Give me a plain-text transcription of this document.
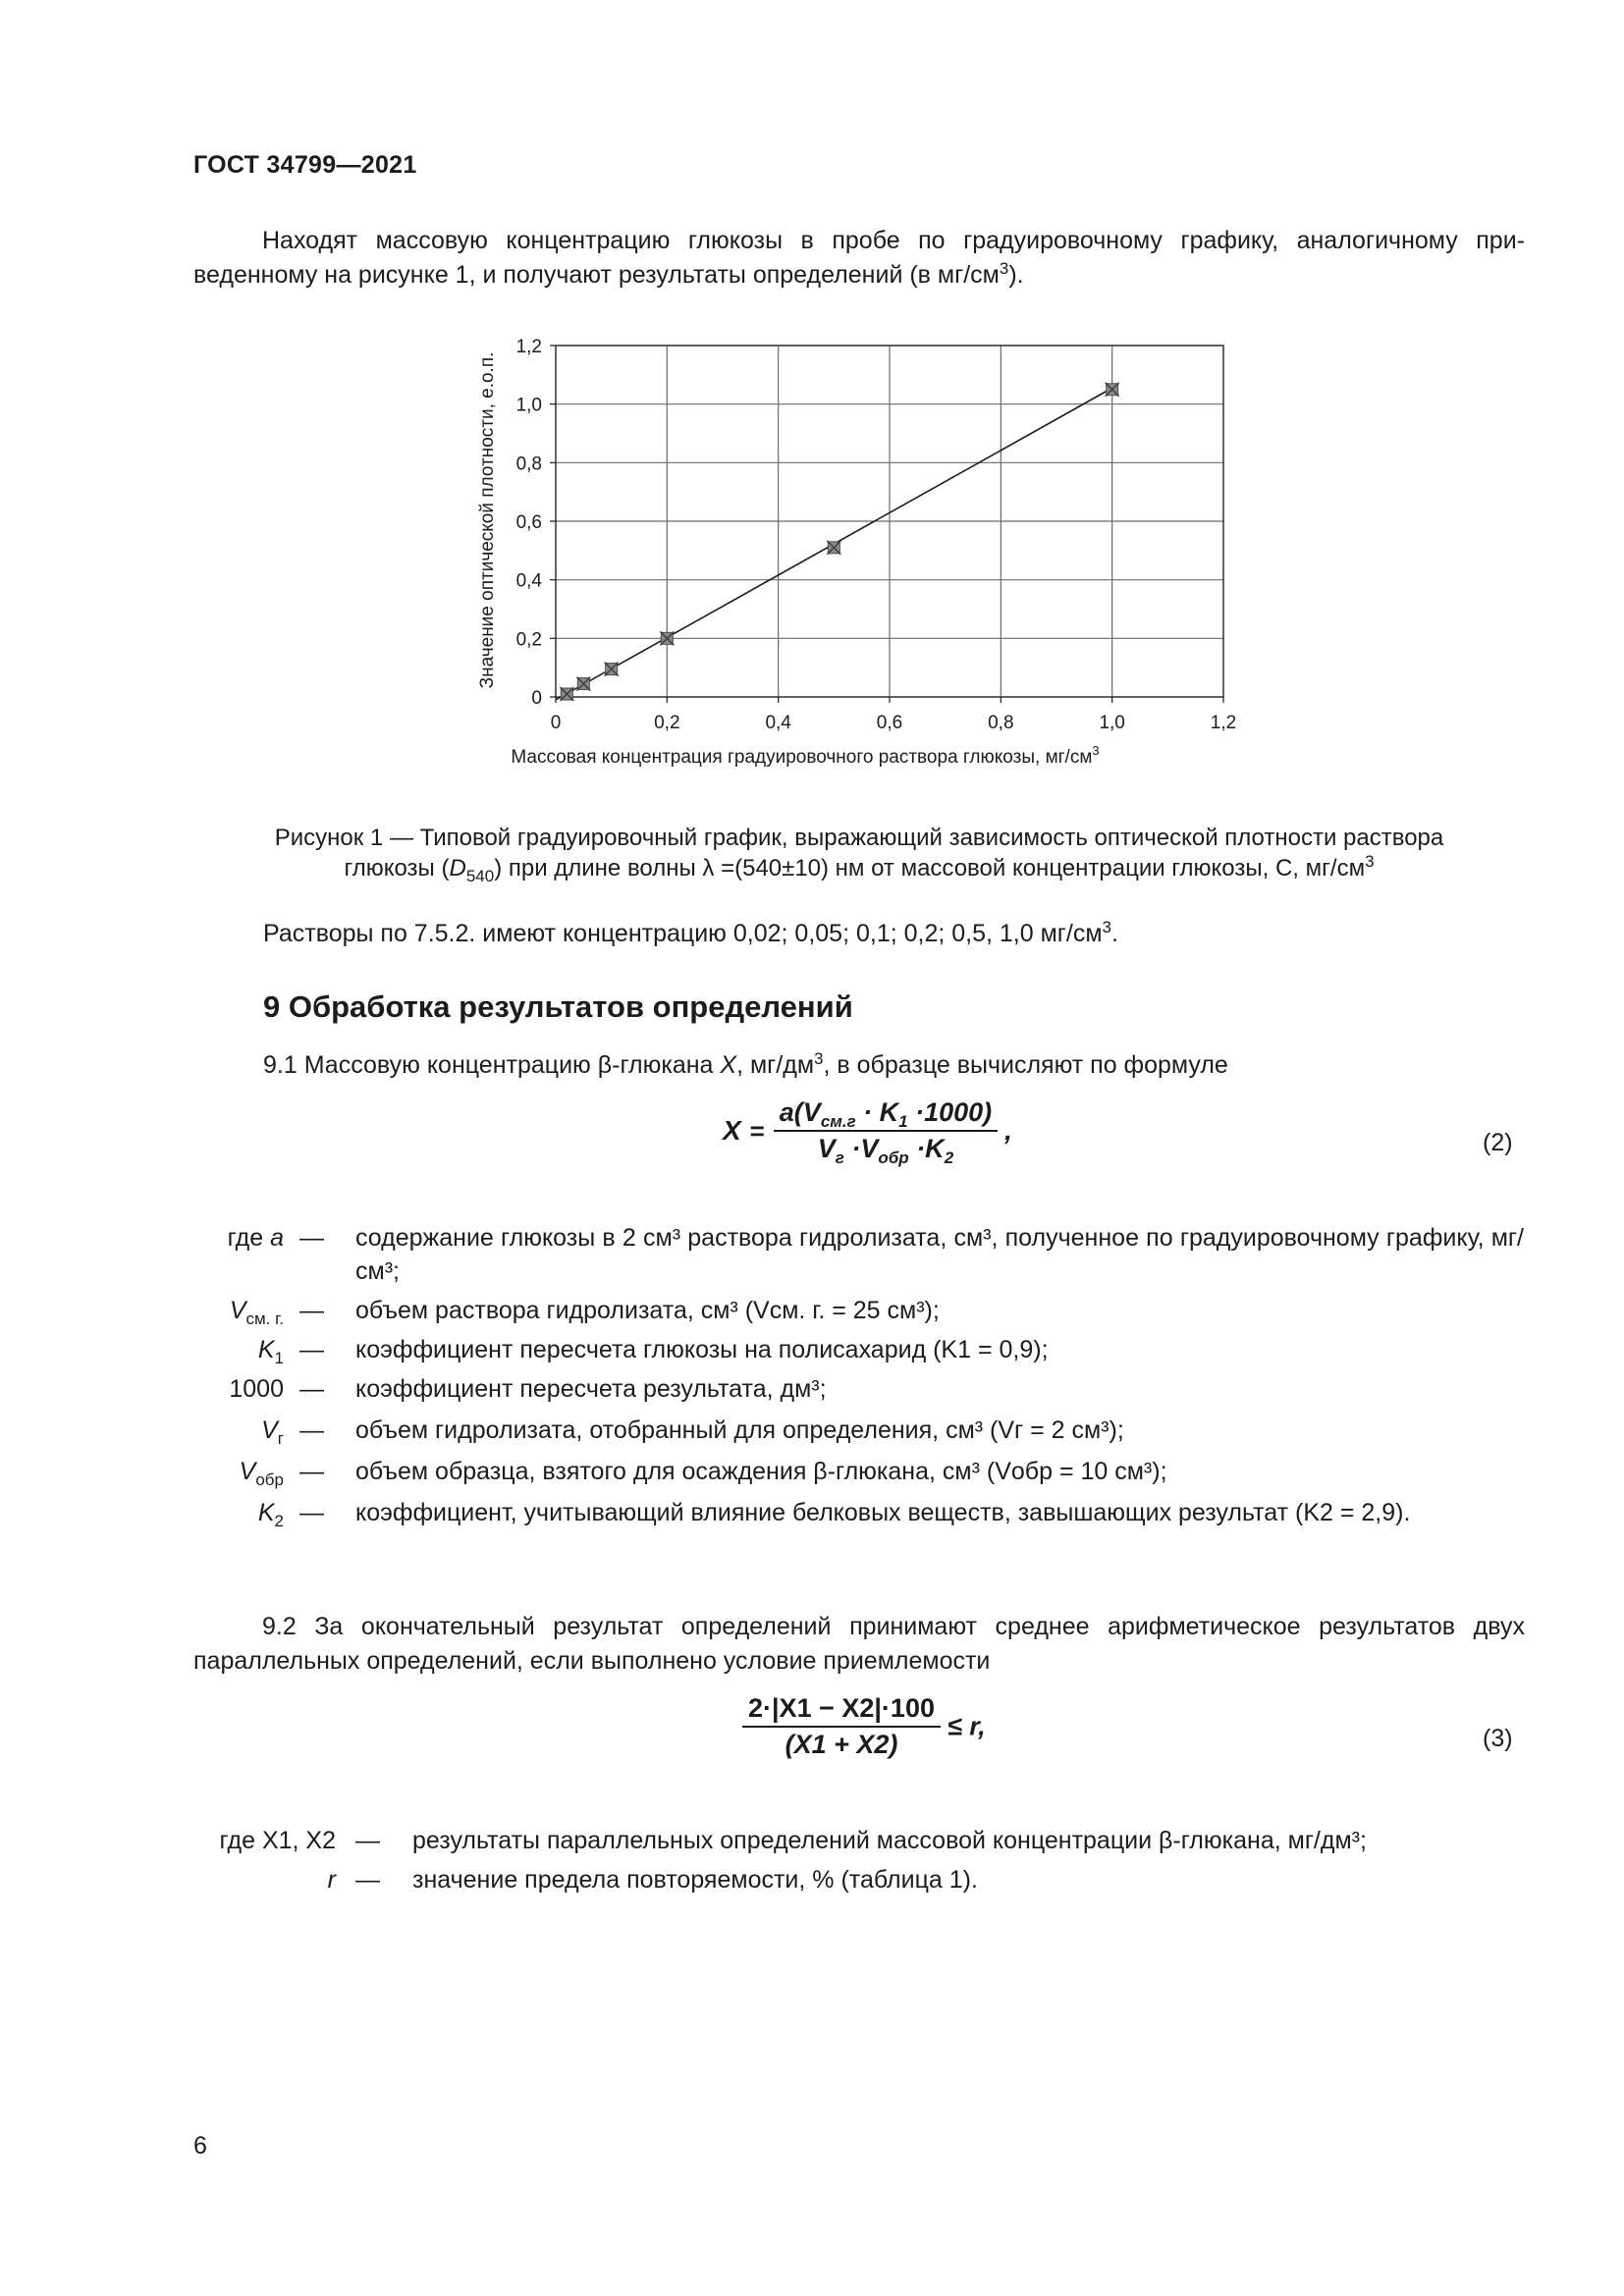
ГОСТ 34799—2021
Находят массовую концентрацию глюкозы в пробе по градуировочному графику, аналогичному приведенному на рисунке 1, и получают результаты определений (в $мг/см^3$).
0	0,2	0,4	0,6	0,8	1,0	1,2
0
0,2
0,4
0,6
0,8
1,0
1,2
Значение оптической плотности, е.о.п.
Массовая концентрация градуировочного раствора глюкозы, $мг/см^3$
Рисунок 1 — Типовой градуировочный график, выражающий зависимость оптической плотности раствора
глюкозы $(D_{540})$ при длине волны λ =(540±10) нм от массовой концентрации глюкозы, С, $мг/см^3$
Растворы по 7.5.2. имеют концентрацию 0,02; 0,05; 0,1; 0,2; 0,5, 1,0 $мг/см^3$.
9 Обработка результатов определений
9.1 Массовую концентрацию β-глюкана X, $мг/дм^3$, в образце вычисляют по формуле
$X = \frac{a(V_{см.г} \cdot K_1 \cdot 1000)}{V_г \cdot V_{обр} \cdot K_2}$ ,	(2)
где a — содержание глюкозы в 2 см³ раствора гидролизата, см³, полученное по градуировочному графику, мг/см³;
$V_{см. г.}$ — объем раствора гидролизата, см³ (Vсм. г. = 25 см³);
$K_1$ — коэффициент пересчета глюкозы на полисахарид (K1 = 0,9);
1000 — коэффициент пересчета результата, дм³;
$V_г$ — объем гидролизата, отобранный для определения, см³ (Vг = 2 см³);
$V_{обр}$ — объем образца, взятого для осаждения β-глюкана, см³ (Vобр = 10 см³);
$K_2$ — коэффициент, учитывающий влияние белковых веществ, завышающих результат (K2 = 2,9).
9.2 За окончательный результат определений принимают среднее арифметическое результатов двух параллельных определений, если выполнено условие приемлемости
$\frac{2\cdot|X1 - X2|\cdot 100}{(X1 + X2)} \le r$,	(3)
где X1, X2 — результаты параллельных определений массовой концентрации β-глюкана, мг/дм³;
r — значение предела повторяемости, % (таблица 1).
6
